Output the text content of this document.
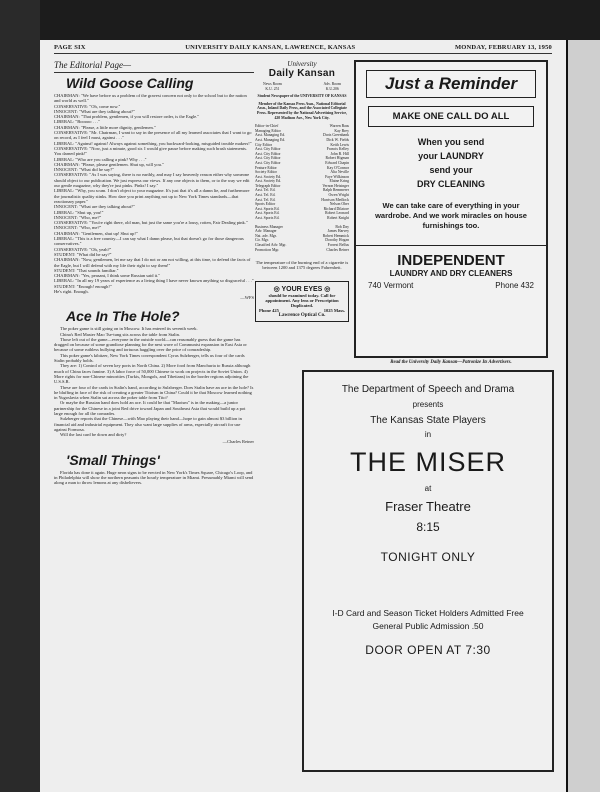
PAGE SIX	UNIVERSITY DAILY KANSAN, LAWRENCE, KANSAS	MONDAY, FEBRUARY 13, 1950
The Editorial Page—
Wild Goose Calling

CHAIRMAN: "We have before us a problem of the gravest concern not only to the school but to the nation and world as well."

CONSERVATIVE: "Oh, come now."

INNOCENT: "What are they talking about?"

CHAIRMAN: "That problem, gentlemen, if you will restore order, is the Eagle."

LIBERAL: "Booooo . . ."

CHAIRMAN: "Please, a little more dignity, gentlemen."

CONSERVATIVE: "Mr. Chairman, I want to say in the presence of all my learned associates that I want to go on record, as I feel I must, against . . ."

LIBERAL: "Against! against! Always against something, you backward-looking, misguided trouble makers!"

CONSERVATIVE: "Now, just a minute, good sir. I would give pause before making such brash statements. You darned pink!"

LIBERAL: "Who are you calling a pink? Why . . ."

CHAIRMAN: "Please, please gentlemen. Shut up, will you."

INNOCENT: "What did he say?"

CONSERVATIVE: "As I was saying, there is no earthly, and may I say heavenly reason either why someone should object to our publication. We just express our views. If any one objects to them, or to the way we edit our gentle magazine, why they're just pinks. Pinks! I say."

LIBERAL: "Why, you scum. I don't object to your magazine. It's just that it's all a damn lie, and furthermore the journalistic quality stinks. How dare you print anything not up to New York Times standards—that reactionary paper."

INNOCENT: "What are they talking about?"

LIBERAL: "Shut up, you!"

INNOCENT: "Who, me?"

CONSERVATIVE: "You're right there, old man, but just the same you're a lousy, rotten, Fair Dealing pink."

INNOCENT: "Who, me?"

CHAIRMAN: "Gentlemen, shut up! Shut up!"

LIBERAL: "This is a free country—I can say what I damn please, but that doesn't go for those dangerous conservatives."

CONSERVATIVE: "Oh, yeah?"

STUDENT: "What did he say?"

CHAIRMAN: "Now, gentlemen, let me say that I do not or am not willing, at this time, to defend the facts of the Eagle, but I will defend with my life their right to say them!"

STUDENT: "That sounds familiar."

CHAIRMAN: "Yes, peasant, I think some Russian said it."

LIBERAL: "In all my 19 years of experience as a living thing I have never known anything so disgraceful . . ."

STUDENT: "Enough! enough!"

He's right. Enough.

—WFS
Ace In The Hole?

The poker game is still going on in Moscow. It has entered its seventh week.

China's Red Master Mao Tse-tung sits across the table from Stalin.

Those left out of the game—everyone in the outside world—can reasonably guess that the game has dragged on because of some grandiose planning for the next wave of Communist expansion in East Asia or because of some ruthless bullying and tortuous haggling over the price of comradeship.

This poker game's kibitzer, New York Times correspondent Cyrus Sulzberger, tells us four of the cards Stalin probably holds.

They are: 1) Control of seven key ports in North China. 2) More food from Manchuria to Russia although much of China faces famine. 3) A labor force of 50,000 Chinese to work on projects in the Soviet Union. 4) More rights for non-Chinese minorities (Turkis, Mongols, and Tibetians) in the border regions adjoining the U.S.S.R.

These are four of the cards in Stalin's hand, according to Sulzberger. Does Stalin have an ace in the hole? Is he bluffing in face of the risk of creating a greater Titoism in China? Could it be that Moscow learned nothing in Yugoslavia when Stalin sat across the poker table from Tito?

Or maybe the Russian hand does hold an ace. It could be that "Maoism" is in the making—a junior partnership for the Chinese in a joint Red drive toward Japan and Southeast Asia that would build up a pot large enough for all the comrades.

Sulzberger reports that the Chinese—with Mao playing their hand—hope to gain almost $3 billion in financial aid and industrial equipment. They also want large supplies of arms, especially aircraft for use against Formosa.

Will the last card be down and dirty?

—Charles Reiner
'Small Things'

Florida has done it again. Huge neon signs to be erected in New York's Times Square, Chicago's Loop, and in Philadelphia will show the northern peasants the hourly temperature in Miami. Presumably Miami will send along a man to throw lemons at any disbelievers.

University
Daily Kansan
News Room
K.U. 251
Adv. Room
K.U.206
Student Newspaper of the UNIVERSITY OF KANSAS
Member of the Kansas Press Assn., National Editorial Assn., Inland Daily Press, and the Associated Collegiate Press. Represented by the National Advertising Service, 420 Madison Ave., New York City.
Editor-in-Chief	Warren Baas
Managing Editor	Kay Brey
Asst. Managing Ed.	Doris Greenbank
Asst. Managing Ed.	Dick W. Fields
City Editor	Keith Lewis
Asst. City Editor	Francis Kelley
Asst. City Editor	John B. Hill
Asst. City Editor	Robert Higman
Asst. City Editor	Edward Chapin
Feature Editor	Kay O'Connor
Society Editor	Alta Neville
Asst. Society Ed.	Faye Wilkinson
Asst. Society Ed.	Elaine Kring
Telegraph Editor	Vernon Heisinger
Asst. Tel. Ed.	Ralph Remmerer
Asst. Tel. Ed.	Owen Wright
Asst. Tel. Ed.	Harrison Medlock
Sports Editor	Nelson Ober
Asst. Sports Ed.	Richard Dilatore
Asst. Sports Ed.	Robert Leonard
Asst. Sports Ed.	Robert Knight
Business Manager	Bob Day
Adv. Manager	James Harvey
Nat. adv. Mgr.	Robert Hemmick
Cir. Mgr.	Dorothy Hogan
Classified Adv. Mgr.	Forrest Bellus
Promotion Mgr.	Charles Reiner
The temperature of the burning end of a cigarette is between 1200 and 1375 degrees Fahrenheit.
◎ YOUR EYES ◎
should be examined today. Call for appointment. Any lens or Prescription Duplicated.
Phone 425	1025 Mass.
Lawrence Optical Co.
Just a Reminder
MAKE ONE CALL DO ALL
When you send
your LAUNDRY
send your
DRY CLEANING
We can take care of everything in your wardrobe. And we work miracles on house furnishings too.
INDEPENDENT
LAUNDRY AND DRY CLEANERS
740 Vermont	Phone 432
Read the University Daily Kansan—Patronize Its Advertisers.
The Department of Speech and Drama
presents
The Kansas State Players
in
THE MISER
at
Fraser Theatre
8:15
TONIGHT ONLY
I-D Card and Season Ticket Holders Admitted Free
General Public Admission .50
DOOR OPEN AT 7:30
